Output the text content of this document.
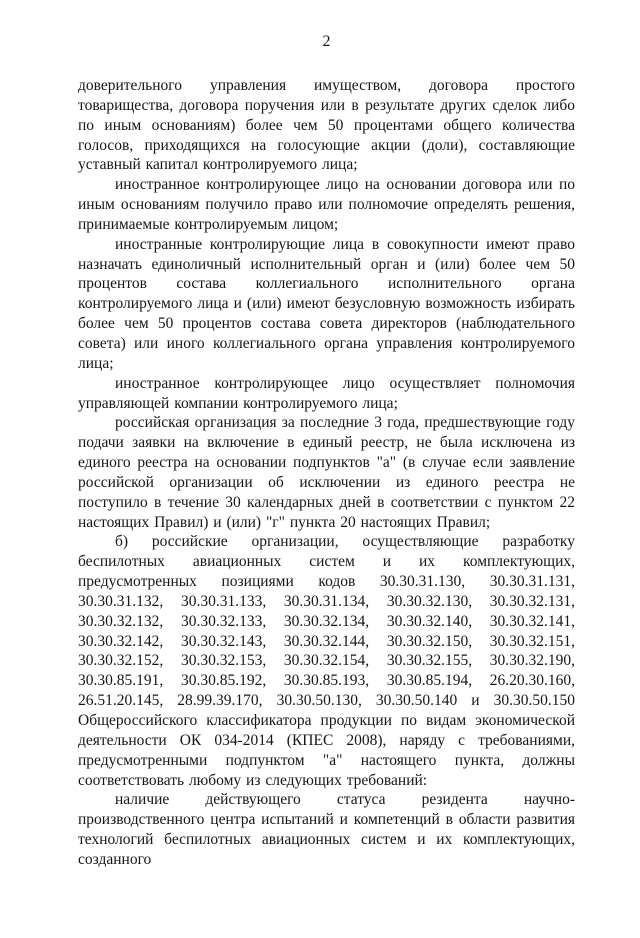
2

доверительного управления имуществом, договора простого товарищества, договора поручения или в результате других сделок либо по иным основаниям) более чем 50 процентами общего количества голосов, приходящихся на голосующие акции (доли), составляющие уставный капитал контролируемого лица;

иностранное контролирующее лицо на основании договора или по иным основаниям получило право или полномочие определять решения, принимаемые контролируемым лицом;

иностранные контролирующие лица в совокупности имеют право назначать единоличный исполнительный орган и (или) более чем 50 процентов состава коллегиального исполнительного органа контролируемого лица и (или) имеют безусловную возможность избирать более чем 50 процентов состава совета директоров (наблюдательного совета) или иного коллегиального органа управления контролируемого лица;

иностранное контролирующее лицо осуществляет полномочия управляющей компании контролируемого лица;

российская организация за последние 3 года, предшествующие году подачи заявки на включение в единый реестр, не была исключена из единого реестра на основании подпунктов "а" (в случае если заявление российской организации об исключении из единого реестра не поступило в течение 30 календарных дней в соответствии с пунктом 22 настоящих Правил) и (или) "г" пункта 20 настоящих Правил;

б) российские организации, осуществляющие разработку беспилотных авиационных систем и их комплектующих, предусмотренных позициями кодов 30.30.31.130, 30.30.31.131, 30.30.31.132, 30.30.31.133, 30.30.31.134, 30.30.32.130, 30.30.32.131, 30.30.32.132, 30.30.32.133, 30.30.32.134, 30.30.32.140, 30.30.32.141, 30.30.32.142, 30.30.32.143, 30.30.32.144, 30.30.32.150, 30.30.32.151, 30.30.32.152, 30.30.32.153, 30.30.32.154, 30.30.32.155, 30.30.32.190, 30.30.85.191, 30.30.85.192, 30.30.85.193, 30.30.85.194, 26.20.30.160, 26.51.20.145, 28.99.39.170, 30.30.50.130, 30.30.50.140 и 30.30.50.150 Общероссийского классификатора продукции по видам экономической деятельности ОК 034-2014 (КПЕС 2008), наряду с требованиями, предусмотренными подпунктом "а" настоящего пункта, должны соответствовать любому из следующих требований:

наличие действующего статуса резидента научно-производственного центра испытаний и компетенций в области развития технологий беспилотных авиационных систем и их комплектующих, созданного
